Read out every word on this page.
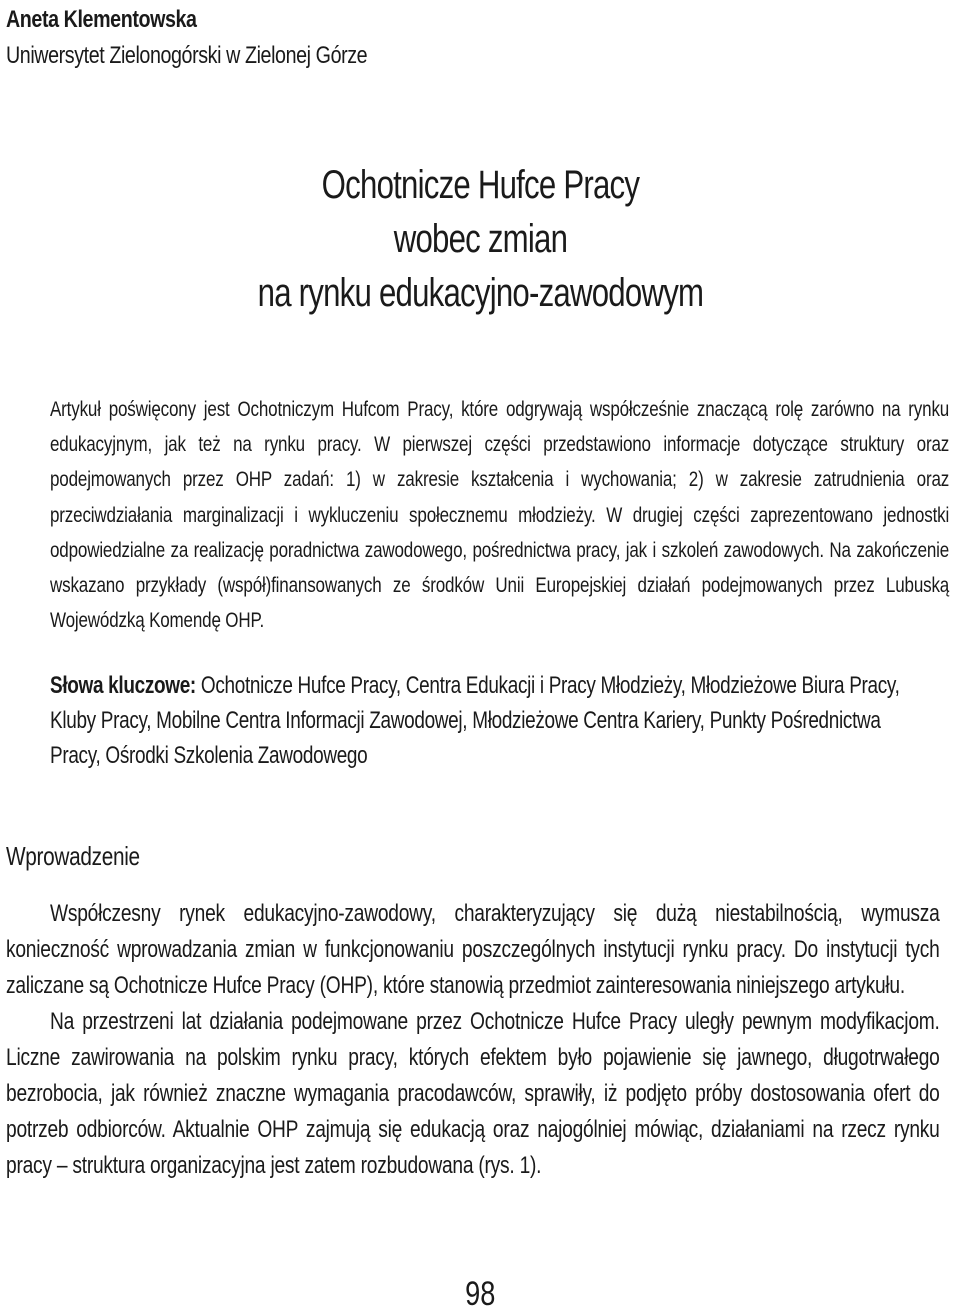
Aneta Klementowska
Uniwersytet Zielonogórski w Zielonej Górze
Ochotnicze Hufce Pracy
wobec zmian
na rynku edukacyjno-zawodowym
Artykuł poświęcony jest Ochotniczym Hufcom Pracy, które odgrywają współcześnie znaczącą rolę zarówno na rynku edukacyjnym, jak też na rynku pracy. W pierwszej części przedstawiono informacje dotyczące struktury oraz podejmowanych przez OHP zadań: 1) w zakresie kształcenia i wychowania; 2) w zakresie zatrudnienia oraz przeciwdziałania marginalizacji i wykluczeniu społecznemu młodzieży. W drugiej części zaprezentowano jednostki odpowiedzialne za realizację poradnictwa zawodowego, pośrednictwa pracy, jak i szkoleń zawodowych. Na zakończenie wskazano przykłady (współ)finansowanych ze środków Unii Europejskiej działań podejmowanych przez Lubuską Wojewódzką Komendę OHP.
Słowa kluczowe: Ochotnicze Hufce Pracy, Centra Edukacji i Pracy Młodzieży, Młodzieżowe Biura Pracy, Kluby Pracy, Mobilne Centra Informacji Zawodowej, Młodzieżowe Centra Kariery, Punkty Pośrednictwa Pracy, Ośrodki Szkolenia Zawodowego
Wprowadzenie

Współczesny rynek edukacyjno-zawodowy, charakteryzujący się dużą niestabilnością, wymusza konieczność wprowadzania zmian w funkcjonowaniu poszczególnych instytucji rynku pracy. Do instytucji tych zaliczane są Ochotnicze Hufce Pracy (OHP), które stanowią przedmiot zainteresowania niniejszego artykułu.

Na przestrzeni lat działania podejmowane przez Ochotnicze Hufce Pracy uległy pewnym modyfikacjom. Liczne zawirowania na polskim rynku pracy, których efektem było pojawienie się jawnego, długotrwałego bezrobocia, jak również znaczne wymagania pracodawców, sprawiły, iż podjęto próby dostosowania ofert do potrzeb odbiorców. Aktualnie OHP zajmują się edukacją oraz najogólniej mówiąc, działaniami na rzecz rynku pracy – struktura organizacyjna jest zatem rozbudowana (rys. 1).

98
